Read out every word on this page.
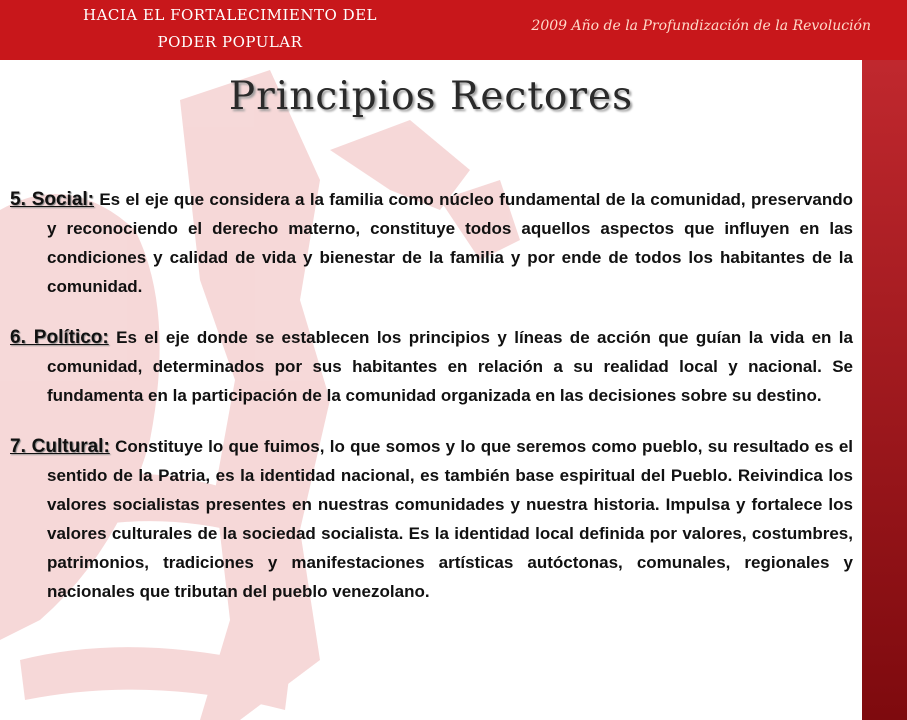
HACIA EL FORTALECIMIENTO DEL
PODER POPULAR
2009 Año de la Profundización de la Revolución
Principios Rectores
5. Social: Es el eje que considera a la familia como núcleo fundamental de la comunidad, preservando y reconociendo el derecho materno, constituye todos aquellos aspectos que influyen en las condiciones y calidad de vida y bienestar de la familia y por ende de todos los habitantes de la comunidad.
6. Político: Es el eje donde se establecen los principios y líneas de acción que guían la vida en la comunidad, determinados por sus habitantes en relación a su realidad local y nacional. Se fundamenta en la participación de la comunidad organizada en las decisiones sobre su destino.
7. Cultural: Constituye lo que fuimos, lo que somos y lo que seremos como pueblo, su resultado es el sentido de la Patria, es la identidad nacional, es también base espiritual del Pueblo. Reivindica los valores socialistas presentes en nuestras comunidades y nuestra historia. Impulsa y fortalece los valores culturales de la sociedad socialista. Es la identidad local definida por valores, costumbres, patrimonios, tradiciones y manifestaciones artísticas autóctonas, comunales, regionales y nacionales que tributan del pueblo venezolano.
